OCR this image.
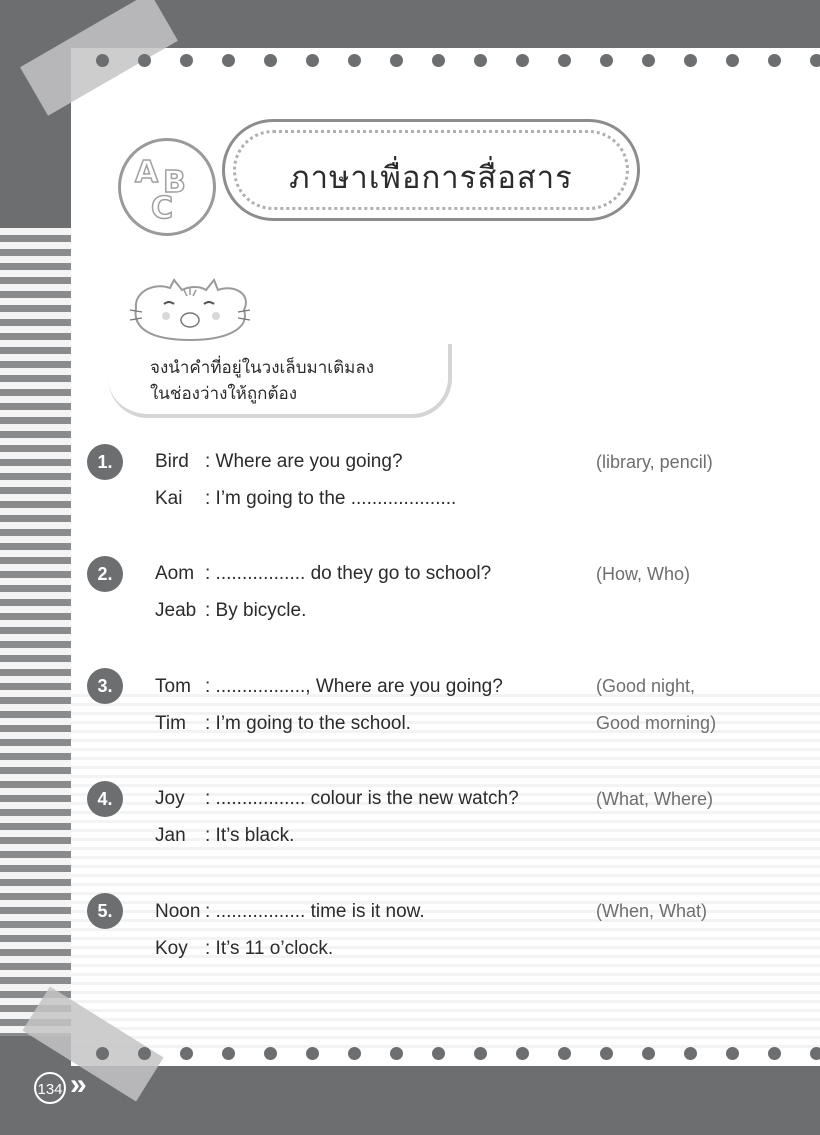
A B
C
ภาษาเพื่อการสื่อสาร
จงนำคำที่อยู่ในวงเล็บมาเติมลง
ในช่องว่างให้ถูกต้อง
1.	Bird : Where are you going?	(library, pencil)
Kai : I’m going to the ....................
2.	Aom : ................. do they go to school?	(How, Who)
Jeab : By bicycle.
3.	Tom : ................., Where are you going?	(Good night,
Tim : I’m going to the school.	Good morning)
4.	Joy : ................. colour is the new watch?	(What, Where)
Jan : It’s black.
5.	Noon : ................. time is it now.	(When, What)
Koy : It’s 11 o’clock.
134 »
